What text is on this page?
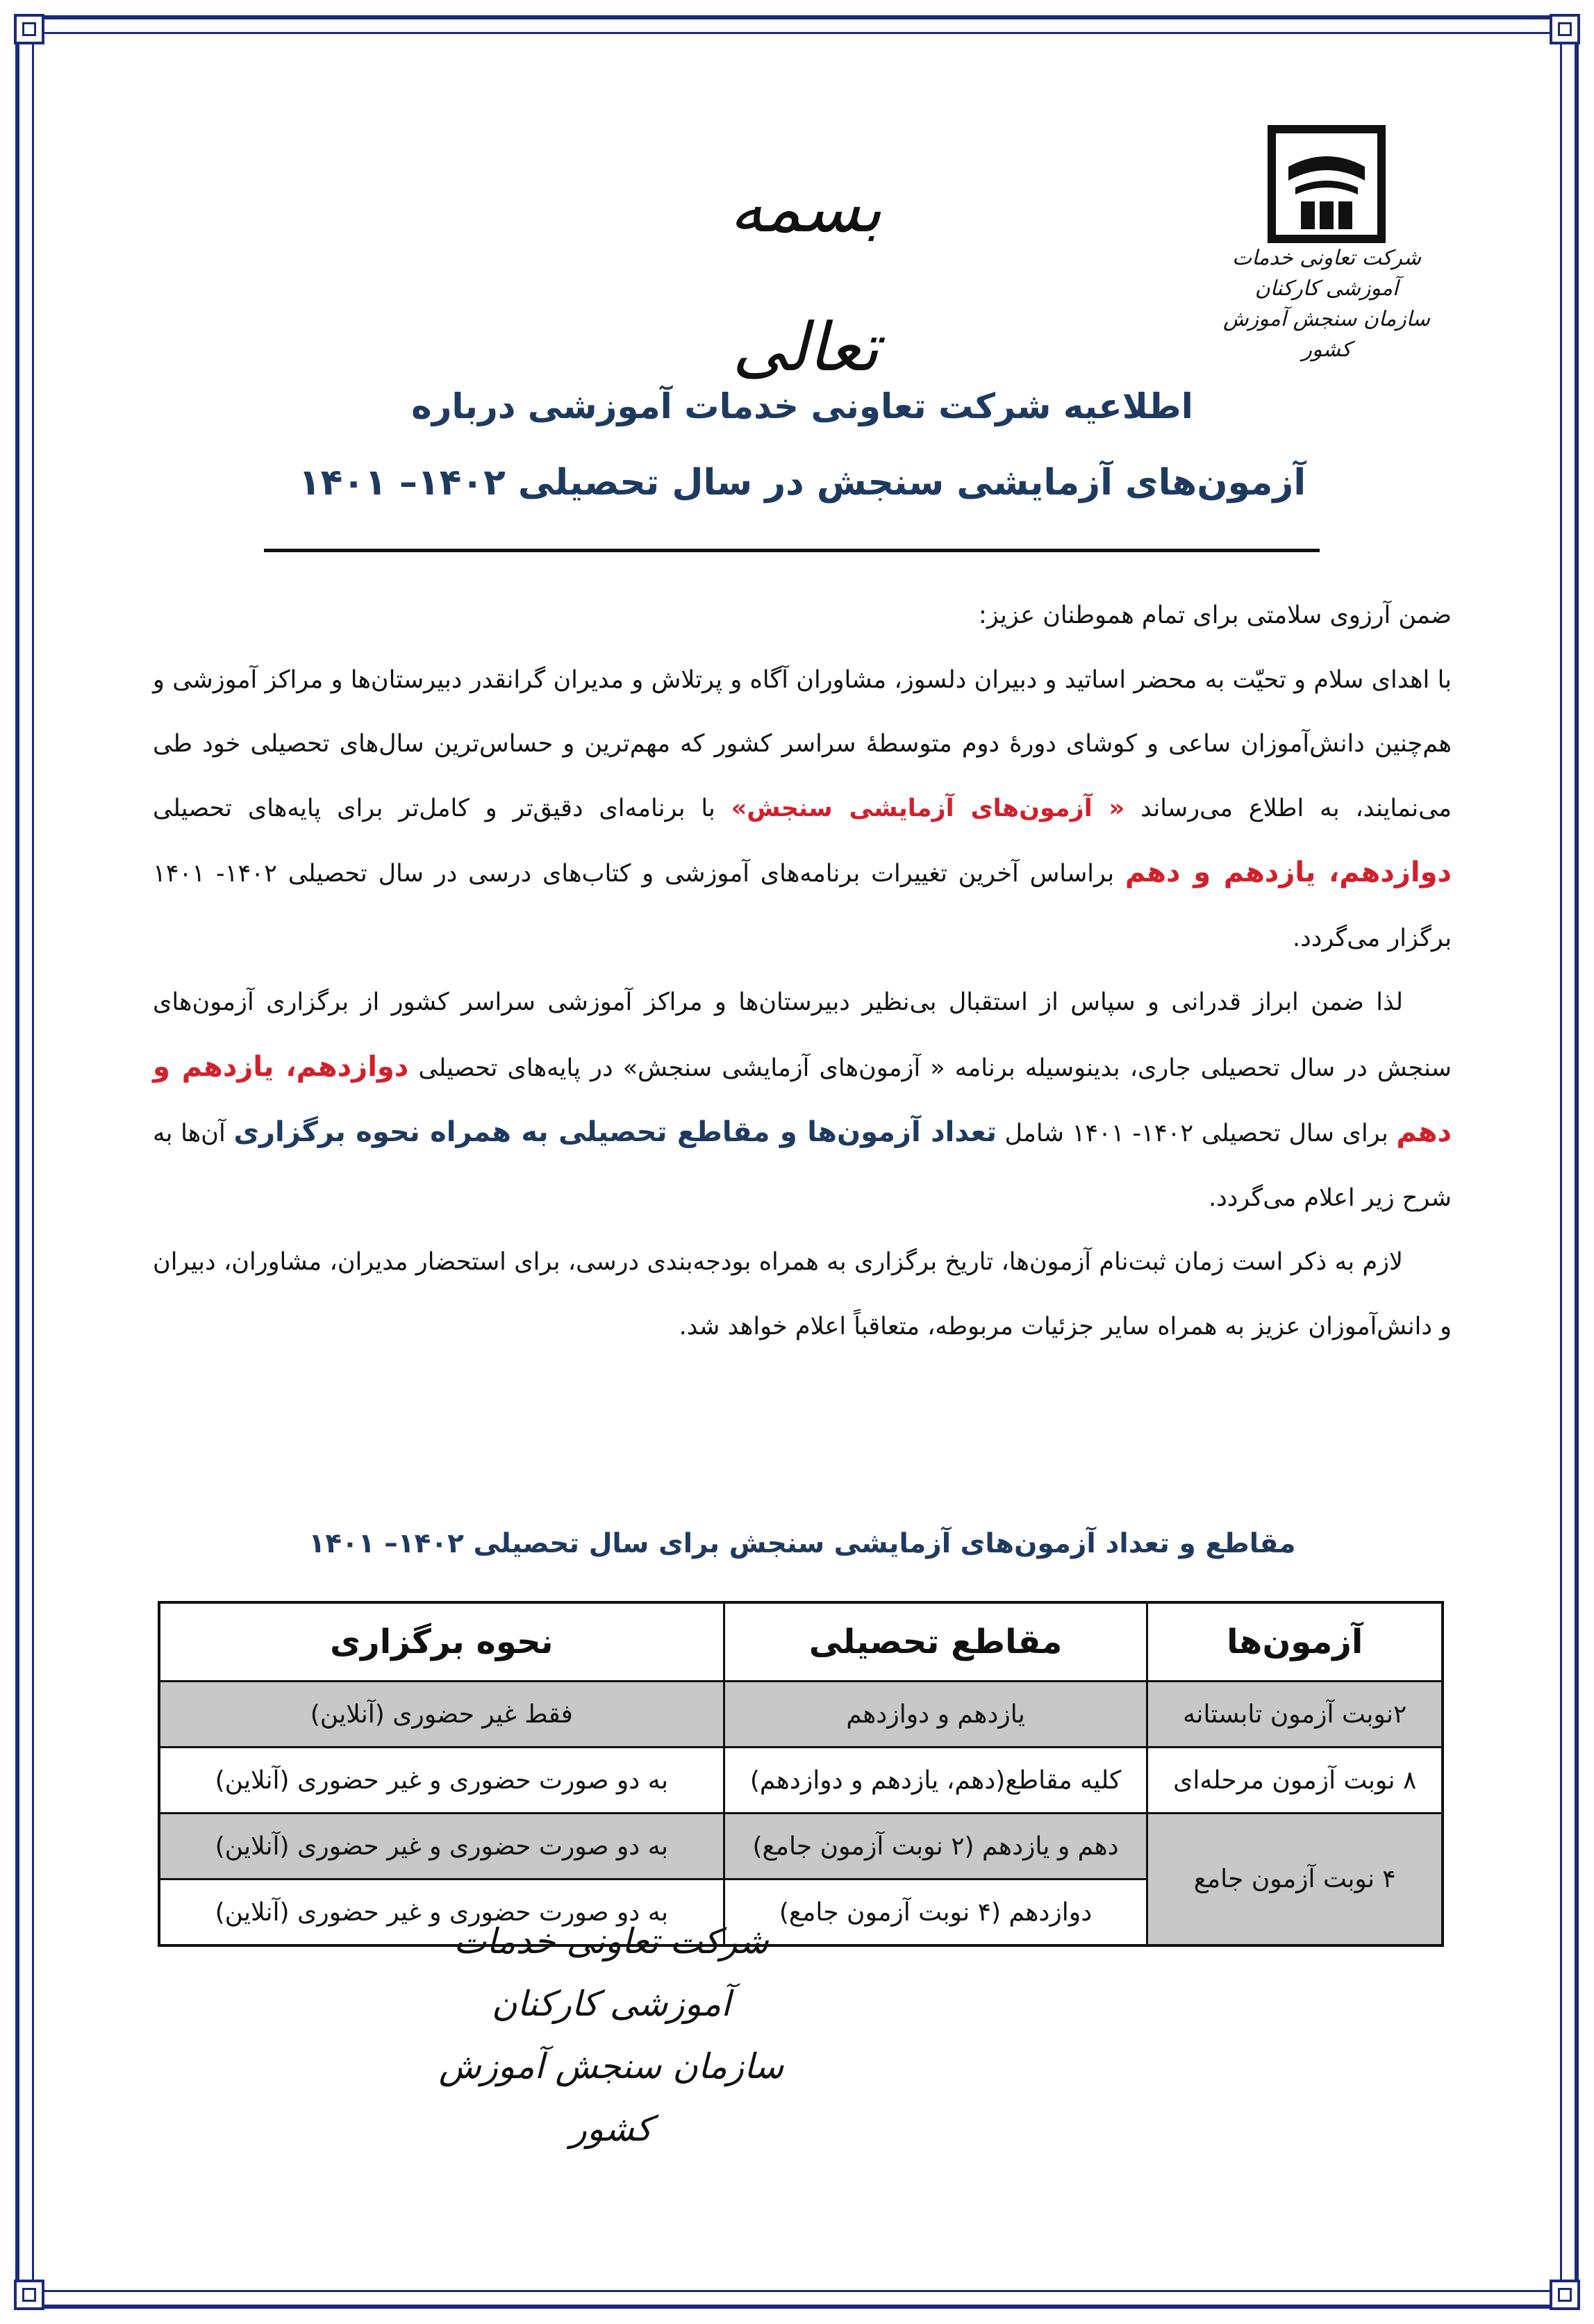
بسمه تعالی
شرکت تعاونی خدمات آموزشی کارکنان
سازمان سنجش آموزش کشور
اطلاعیه شرکت تعاونی خدمات آموزشی درباره
آزمون‌های آزمایشی سنجش در سال تحصیلی ۱۴۰۲– ۱۴۰۱

ضمن آرزوی سلامتی برای تمام هموطنان عزیز:

با اهدای سلام و تحیّت به محضر اساتید و دبیران دلسوز، مشاوران آگاه و پرتلاش و مدیران گرانقدر دبیرستان‌ها و مراکز آموزشی و هم‌چنین دانش‌آموزان ساعی و کوشای دورهٔ دوم متوسطهٔ سراسر کشور که مهم‌ترین و حساس‌ترین سال‌های تحصیلی خود طی می‌نمایند، به اطلاع می‌رساند « آزمون‌های آزمایشی سنجش» با برنامه‌ای دقیق‌تر و کامل‌تر برای پایه‌های تحصیلی دوازدهم، یازدهم و دهم براساس آخرین تغییرات برنامه‌های آموزشی و کتاب‌های درسی در سال تحصیلی ۱۴۰۲- ۱۴۰۱ برگزار می‌گردد.

لذا ضمن ابراز قدرانی و سپاس از استقبال بی‌نظیر دبیرستان‌ها و مراکز آموزشی سراسر کشور از برگزاری آزمون‌های سنجش در سال تحصیلی جاری، بدینوسیله برنامه « آزمون‌های آزمایشی سنجش» در پایه‌های تحصیلی دوازدهم، یازدهم و دهم برای سال تحصیلی ۱۴۰۲- ۱۴۰۱ شامل تعداد آزمون‌ها و مقاطع تحصیلی به همراه نحوه برگزاری آن‌ها به شرح زیر اعلام می‌گردد.

لازم به ذکر است زمان ثبت‌نام آزمون‌ها، تاریخ برگزاری به همراه بودجه‌بندی درسی، برای استحضار مدیران، مشاوران، دبیران و دانش‌آموزان عزیز به همراه سایر جزئیات مربوطه، متعاقباً اعلام خواهد شد.

مقاطع و تعداد آزمون‌های آزمایشی سنجش برای سال تحصیلی ۱۴۰۲– ۱۴۰۱
آزمون‌ها	مقاطع تحصیلی	نحوه برگزاری
۲نوبت آزمون تابستانه	یازدهم و دوازدهم	فقط غیر حضوری (آنلاین)
۸ نوبت آزمون مرحله‌ای	کلیه مقاطع(دهم، یازدهم و دوازدهم)	به دو صورت حضوری و غیر حضوری (آنلاین)
۴ نوبت آزمون جامع	دهم و یازدهم (۲ نوبت آزمون جامع)	به دو صورت حضوری و غیر حضوری (آنلاین)
	دوازدهم (۴ نوبت آزمون جامع)	به دو صورت حضوری و غیر حضوری (آنلاین)
شرکت تعاونی خدمات آموزشی کارکنان
سازمان سنجش آموزش کشور
